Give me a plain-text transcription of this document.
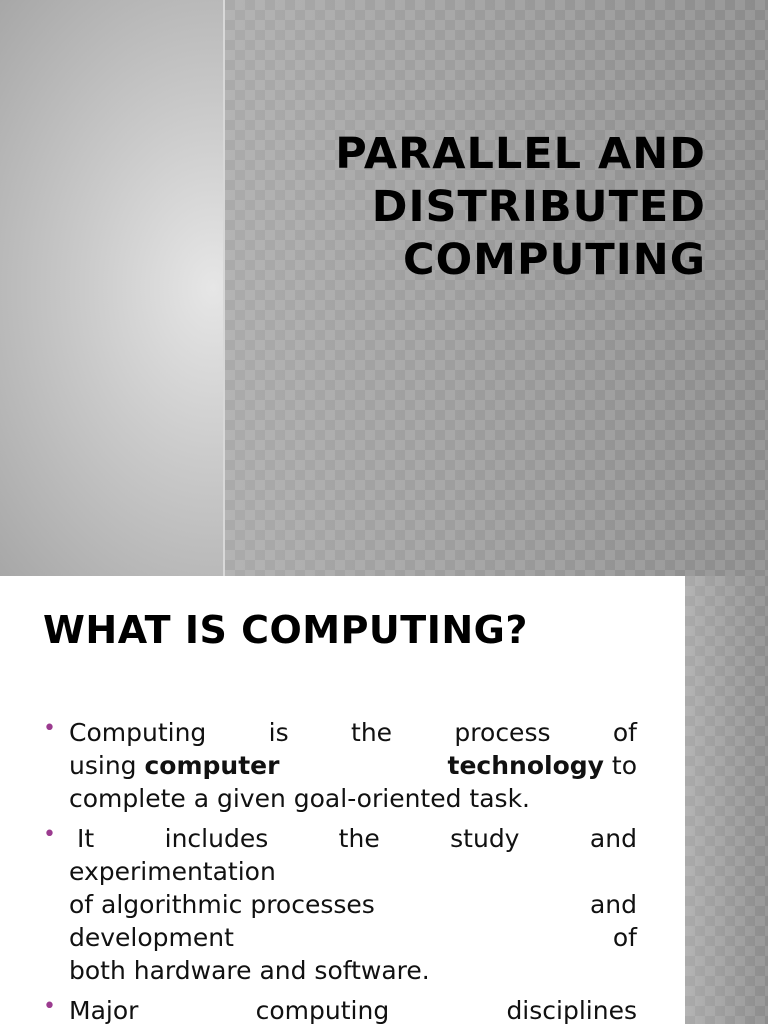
PARALLEL AND
DISTRIBUTED
COMPUTING
WHAT IS COMPUTING?
• Computing is the process of
using computer	technology to
complete a given goal-oriented task.
• It	includes	the	study	and
experimentation
of algorithmic processes	and
development	of
both hardware and software.
• Major	computing	disciplines
